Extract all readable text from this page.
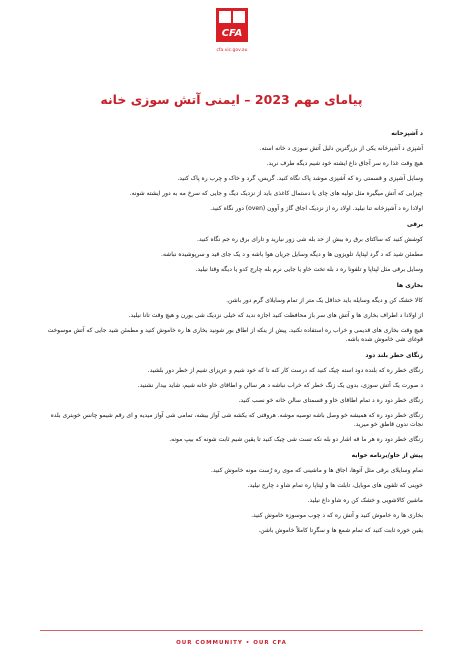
CFA
cfa.vic.gov.au
پیامای مهم 2023 – ایمنی آتش سوزی خانه
د آشپزخانه
آشپزی د آشپزخانه یکی از بزرگترین دلیل آتش سوزی د خانه استه.
هیچ وقت غذا ره سر آجاق داغ ایشته خود شیم دیگه طرف نرید.
وسایل آشپزی و قسمتی ره که آشپزی موشد پاک نگاه کنید. گریس، گرد و خاک و چرب ره پاک کنید.
چیزایی که آتش میگیره مثل تولیه های چای یا دستمال کاغذی باید از نزدیک دیگ و جایی که سرخ مه به دور ایشته شونه.
اولادا ره د آشپزخانه تنا نیلید. اولاد ره از نزدیک اجاق گاز و آوون (oven) دور نگاه کنید.
برقی
کوشش کنید که ساکتای برق ره بیش از حد بله شی زور نیارید و تارای برق ره جم نگاه کنید.
مطمئن شید که د گرد لپتاپا، تلویزون ها و دیگه وسایل جریان هوا باشه و د یک جای قید و سرپوشیده نباشه.
وسایل برقی مثل لپتاپا و تلفونا ره د بله تخت خاو یا جایی نرم بله چارج کدو یا دیگه وقتا نیلید.
بخاری ها
کالا خشک کن و دیگه وسایله باید حداقل یک متر از تمام وسایلای گرم دور باشن.
از اولادا د اطراف بخاری ها و آتش های سر باز محافظت کنید اجازه ندید که خیلی نزدیک شی بورن و هیچ وقت تانا نیلید.
هیچ وقت بخاری های قدیمی و خراب ره استفاده نکنید. پیش از ینکه از اطاق بور شونید بخاری ها ره خاموش کنید و مطمئن شید جایی که آتش موسوخت قوغای شی خاموش شده باشه.
زنگای خطر بلند دود
زنگای خطر ره که بلنده دود استه چیک کنید که درست کار کنه تا که خود شیم و عزیزای شیم از خطر دور بلشید.
د صورت یک آتش سوزی، بدون یک زنگ خطر که خراب نباشه د هر سالن و اطاقای خاو خانه شیم، شاید بیدار نشنید.
زنگای خطر دود ره د تمام اطاقای خاو و قسمتای سالن خانه خو نصب کنید.
زنگای خطر دود ره که همیشه خو وصل باشه توصیه موشه. هروقتی که یکشه شی آواز بیشه، تمامی شی آواز میدیه و ای رقم شیمو چانس خوبتری بلده نجات ندون قاطق خو میرید.
زنگای خطر دود ره هر ما قه اشار دو بله نکه تست شی چیک کنید تا یقین شیم ثابت شونه که بیپ مونه.
پیش از خاو/برنامه خوابه
تمام وسایلای برقی مثل آتوها، اجاق ها و ماشینی که موی ره رُست مونه خاموش کنید.
خوینی که تلفون های موبایل، تابلت ها و لپتاپا ره تمام شاو د چارج نیلید.
ماشین کالاشویی و خشک کن ره شاو داغ نیلید.
بخاری ها ره خاموش کنید و آتش ره که د چوب موسوزه خاموش کنید.
یقین خوره ثابت کنید که تمام شمع ها و سگرِتا کاملاً خاموش باشن.
OUR COMMUNITY • OUR CFA
